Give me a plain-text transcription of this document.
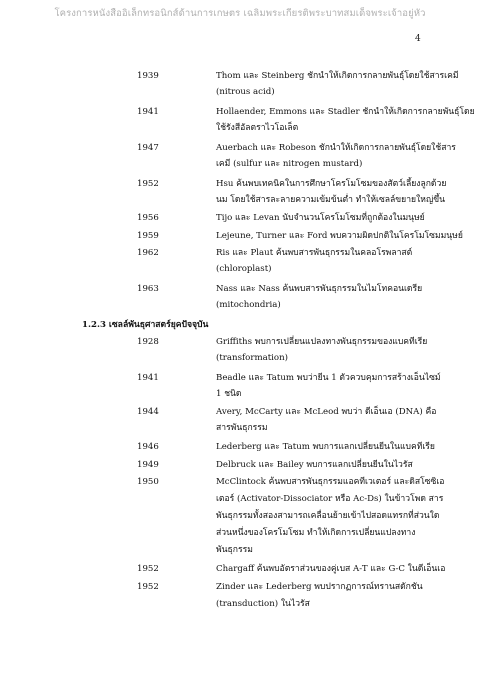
โครงการหนังสืออิเล็กทรอนิกส์ด้านการเกษตร เฉลิมพระเกียรติพระบาทสมเด็จพระเจ้าอยู่หัว
4
1939	Thom และ Steinberg ชักนำให้เกิดการกลายพันธุ์โดยใช้สารเคมี
(nitrous acid)
1941	Hollaender, Emmons และ Stadler ชักนำให้เกิดการกลายพันธุ์โดย
ใช้รังสีอัลตราไวโอเล็ต
1947	Auerbach และ Robeson ชักนำให้เกิดการกลายพันธุ์โดยใช้สาร
เคมี (sulfur และ nitrogen mustard)
1952	Hsu ค้นพบเทคนิคในการศึกษาโครโมโซมของสัตว์เลี้ยงลูกด้วย
นม โดยใช้สารละลายความเข้มข้นต่ำ ทำให้เซลล์ขยายใหญ่ขึ้น
1956	Tijo และ Levan นับจำนวนโครโมโซมที่ถูกต้องในมนุษย์
1959	Lejeune, Turner และ Ford พบความผิดปกติในโครโมโซมมนุษย์
1962	Ris และ Plaut ค้นพบสารพันธุกรรมในคลอโรพลาสต์
(chloroplast)
1963	Nass และ Nass ค้นพบสารพันธุกรรมในไมโทคอนเดรีย
(mitochondria)
1.2.3 เซลล์พันธุศาสตร์ยุคปัจจุบัน
1928	Griffiths พบการเปลี่ยนแปลงทางพันธุกรรมของแบคทีเรีย
(transformation)
1941	Beadle และ Tatum พบว่ายีน 1 ตัวควบคุมการสร้างเอ็นไซม์
1 ชนิด
1944	Avery, McCarty และ McLeod พบว่า ดีเอ็นเอ (DNA) คือ
สารพันธุกรรม
1946	Lederberg และ Tatum พบการแลกเปลี่ยนยีนในแบคทีเรีย
1949	Delbruck และ Bailey พบการแลกเปลี่ยนยีนในไวรัส
1950	McClintock ค้นพบสารพันธุกรรมแอคทีเวเตอร์ และดิสโซซิเอ
เตอร์ (Activator-Dissociator หรือ Ac-Ds) ในข้าวโพด สาร
พันธุกรรมทั้งสองสามารถเคลื่อนย้ายเข้าไปสอดแทรกที่ส่วนใด
ส่วนหนึ่งของโครโมโซม ทำให้เกิดการเปลี่ยนแปลงทาง
พันธุกรรม
1952	Chargaff ค้นพบอัตราส่วนของคู่เบส A-T และ G-C ในดีเอ็นเอ
1952	Zinder และ Lederberg พบปรากฏการณ์ทรานสดักชัน
(transduction) ในไวรัส
